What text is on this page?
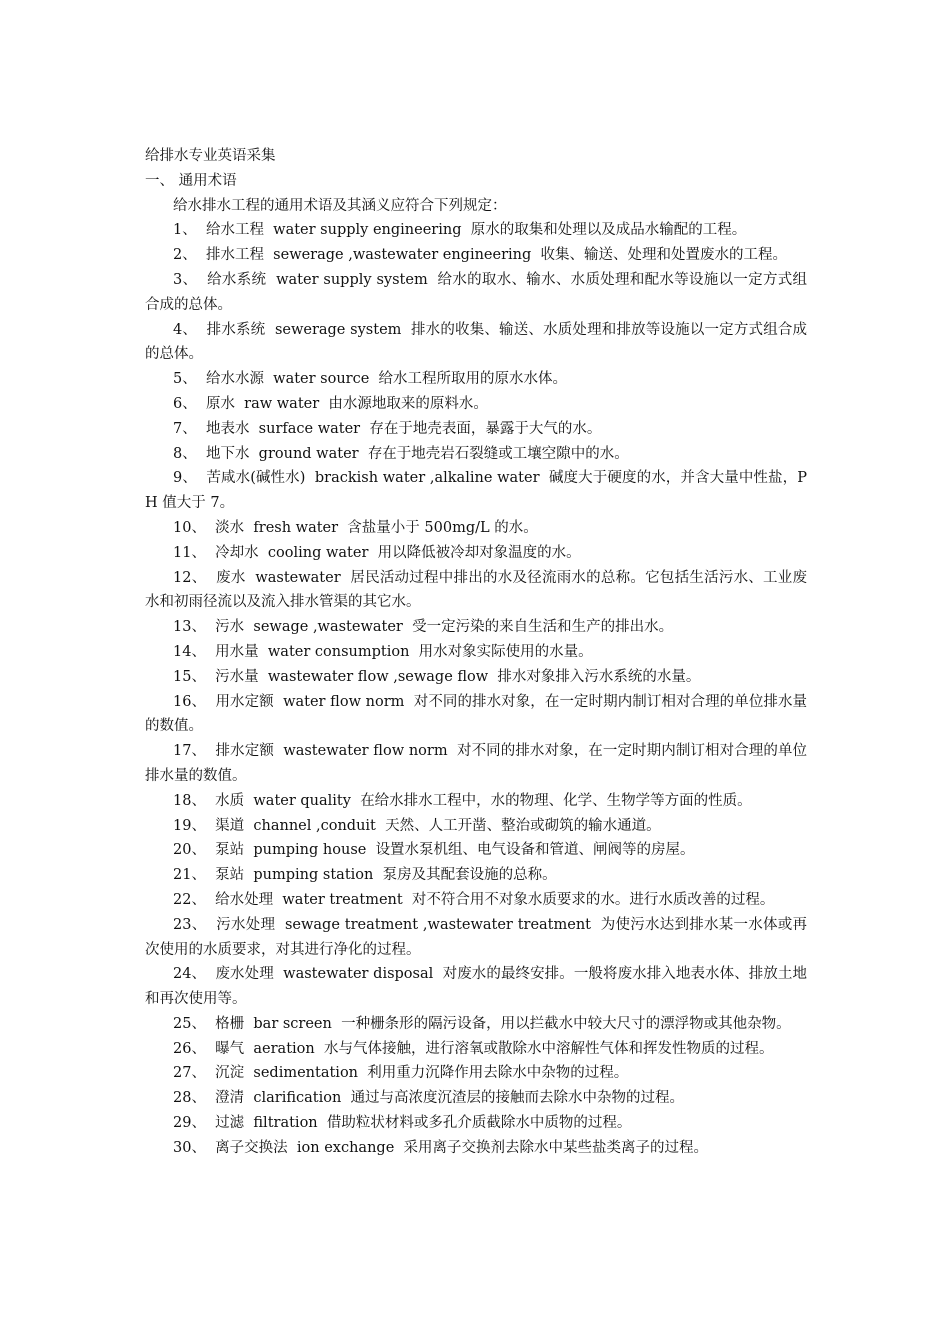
给排水专业英语采集

一、 通用术语

给水排水工程的通用术语及其涵义应符合下列规定：

1、 给水工程 water supply engineering 原水的取集和处理以及成品水输配的工程。

2、 排水工程 sewerage ,wastewater engineering 收集、输送、处理和处置废水的工程。

3、 给水系统 water supply system 给水的取水、输水、水质处理和配水等设施以一定方式组合成的总体。

4、 排水系统 sewerage system 排水的收集、输送、水质处理和排放等设施以一定方式组合成的总体。

5、 给水水源 water source 给水工程所取用的原水水体。

6、 原水 raw water 由水源地取来的原料水。

7、 地表水 surface water 存在于地壳表面，暴露于大气的水。

8、 地下水 ground water 存在于地壳岩石裂缝或工壤空隙中的水。

9、 苦咸水(碱性水) brackish water ,alkaline water 碱度大于硬度的水，并含大量中性盐，PH 值大于 7。

10、 淡水 fresh water 含盐量小于 500mg/L 的水。

11、 冷却水 cooling water 用以降低被冷却对象温度的水。

12、 废水 wastewater 居民活动过程中排出的水及径流雨水的总称。它包括生活污水、工业废水和初雨径流以及流入排水管渠的其它水。

13、 污水 sewage ,wastewater 受一定污染的来自生活和生产的排出水。

14、 用水量 water consumption 用水对象实际使用的水量。

15、 污水量 wastewater flow ,sewage flow 排水对象排入污水系统的水量。

16、 用水定额 water flow norm 对不同的排水对象，在一定时期内制订相对合理的单位排水量的数值。

17、 排水定额 wastewater flow norm 对不同的排水对象，在一定时期内制订相对合理的单位排水量的数值。

18、 水质 water quality 在给水排水工程中，水的物理、化学、生物学等方面的性质。

19、 渠道 channel ,conduit 天然、人工开凿、整治或砌筑的输水通道。

20、 泵站 pumping house 设置水泵机组、电气设备和管道、闸阀等的房屋。

21、 泵站 pumping station 泵房及其配套设施的总称。

22、 给水处理 water treatment 对不符合用不对象水质要求的水。进行水质改善的过程。

23、 污水处理 sewage treatment ,wastewater treatment 为使污水达到排水某一水体或再次使用的水质要求，对其进行净化的过程。

24、 废水处理 wastewater disposal 对废水的最终安排。一般将废水排入地表水体、排放土地和再次使用等。

25、 格栅 bar screen 一种栅条形的隔污设备，用以拦截水中较大尺寸的漂浮物或其他杂物。

26、 曝气 aeration 水与气体接触，进行溶氧或散除水中溶解性气体和挥发性物质的过程。

27、 沉淀 sedimentation 利用重力沉降作用去除水中杂物的过程。

28、 澄清 clarification 通过与高浓度沉渣层的接触而去除水中杂物的过程。

29、 过滤 filtration 借助粒状材料或多孔介质截除水中质物的过程。

30、 离子交换法 ion exchange 采用离子交换剂去除水中某些盐类离子的过程。
